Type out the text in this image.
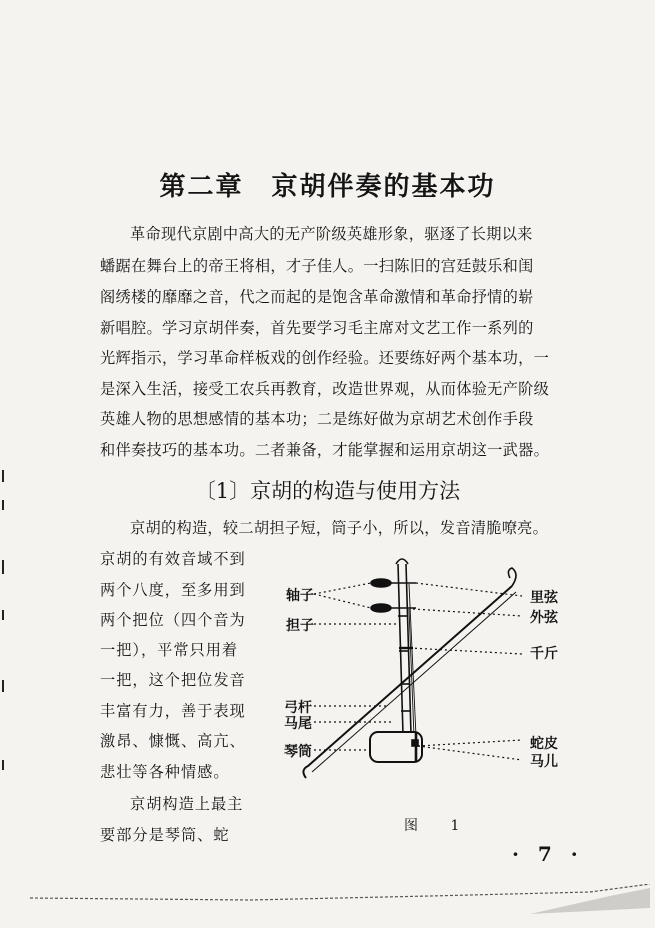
第二章 京胡伴奏的基本功
革命现代京剧中高大的无产阶级英雄形象，驱逐了长期以来
蟠踞在舞台上的帝王将相，才子佳人。一扫陈旧的宫廷鼓乐和闺
阁绣楼的靡靡之音，代之而起的是饱含革命激情和革命抒情的崭
新唱腔。学习京胡伴奏，首先要学习毛主席对文艺工作一系列的
光辉指示，学习革命样板戏的创作经验。还要练好两个基本功，一
是深入生活，接受工农兵再教育，改造世界观，从而体验无产阶级
英雄人物的思想感情的基本功；二是练好做为京胡艺术创作手段
和伴奏技巧的基本功。二者兼备，才能掌握和运用京胡这一武器。
〔1〕京胡的构造与使用方法
京胡的构造，较二胡担子短，筒子小，所以，发音清脆嘹亮。
京胡的有效音域不到
两个八度，至多用到
两个把位（四个音为
一把），平常只用着
一把，这个把位发音
丰富有力，善于表现
激昂、慷慨、高亢、
悲壮等各种情感。
京胡构造上最主
要部分是琴筒、蛇
轴子
担子
弓杆
马尾
琴筒
里弦
外弦
千斤
蛇皮
马儿
图 1
· 7 ·
